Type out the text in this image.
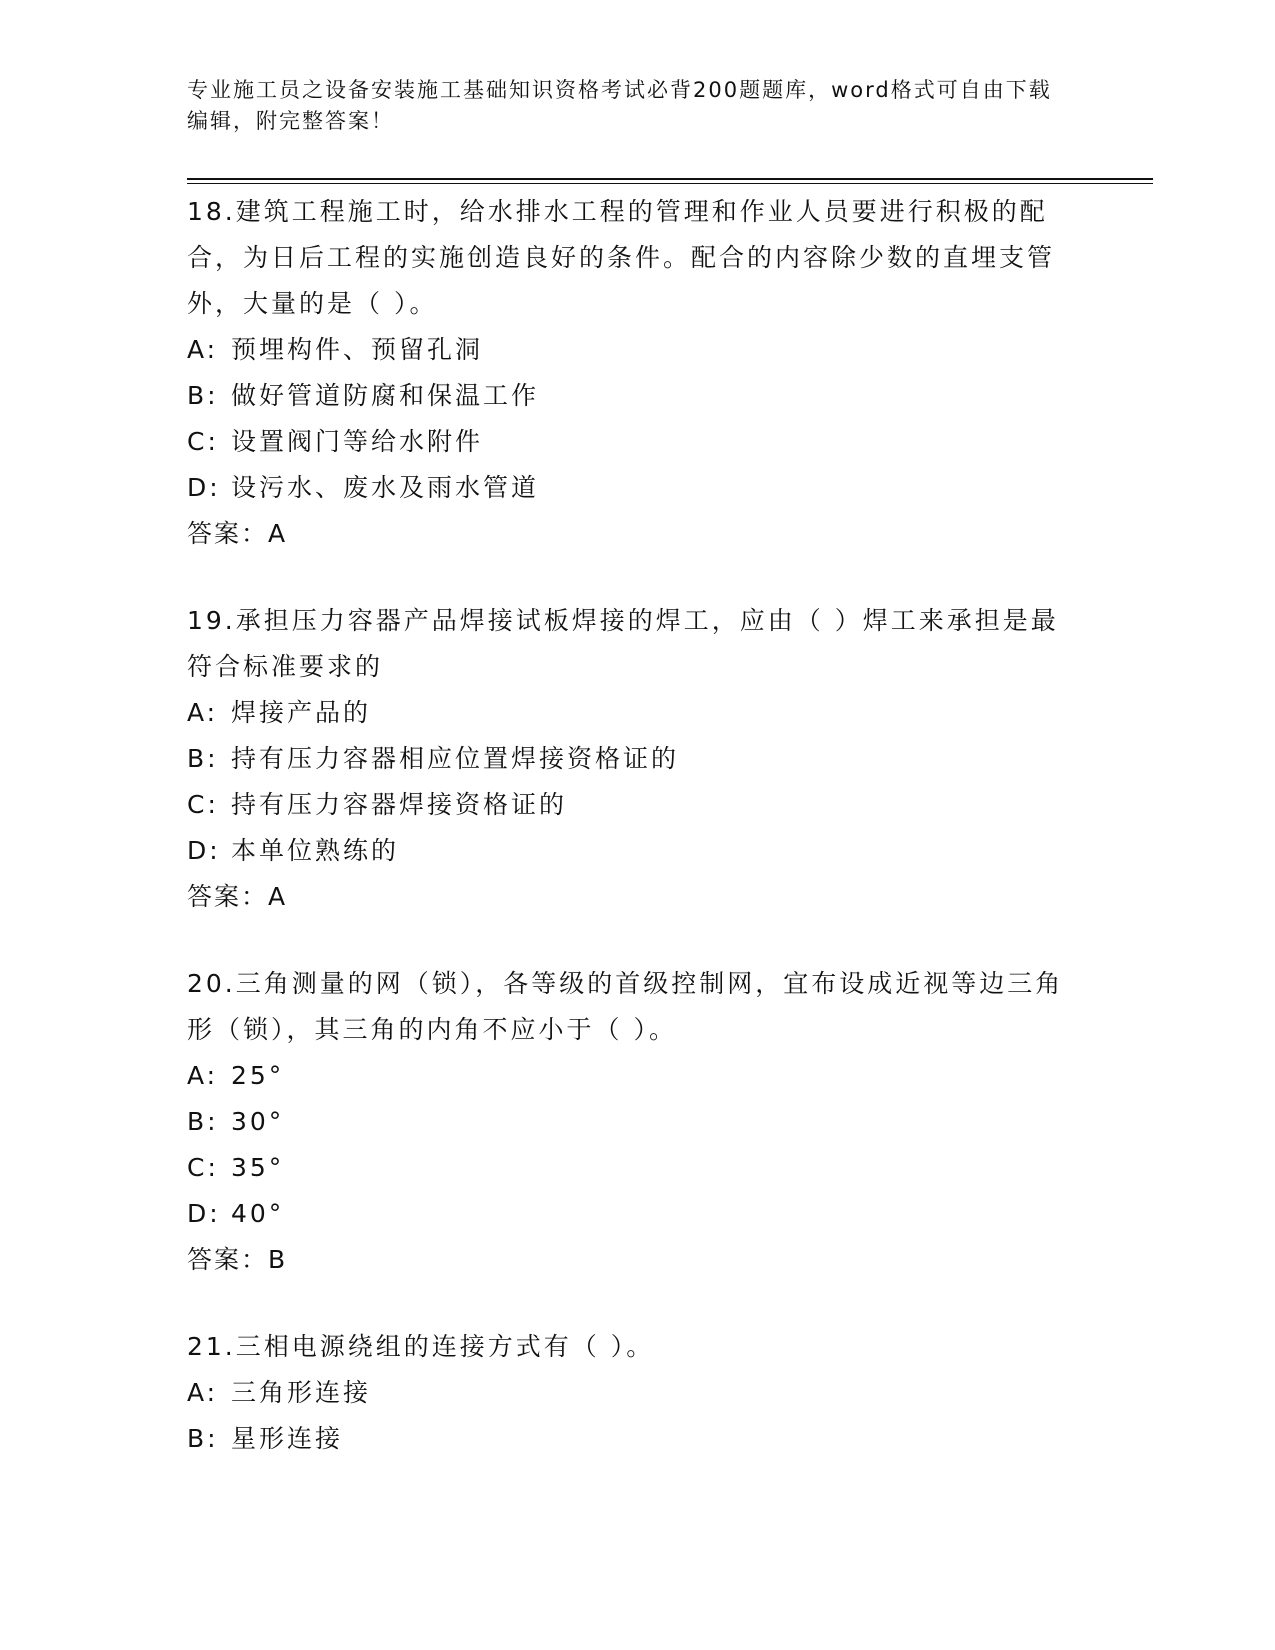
专业施工员之设备安装施工基础知识资格考试必背200题题库，word格式可自由下载编辑，附完整答案！
18.建筑工程施工时，给水排水工程的管理和作业人员要进行积极的配合，为日后工程的实施创造良好的条件。配合的内容除少数的直埋支管外，大量的是（ ）。
A: 预埋构件、预留孔洞
B: 做好管道防腐和保温工作
C: 设置阀门等给水附件
D: 设污水、废水及雨水管道
答案：A
19.承担压力容器产品焊接试板焊接的焊工，应由（ ）焊工来承担是最符合标准要求的
A: 焊接产品的
B: 持有压力容器相应位置焊接资格证的
C: 持有压力容器焊接资格证的
D: 本单位熟练的
答案：A
20.三角测量的网（锁），各等级的首级控制网，宜布设成近视等边三角形（锁），其三角的内角不应小于（ ）。
A: 25°
B: 30°
C: 35°
D: 40°
答案：B
21.三相电源绕组的连接方式有（ ）。
A: 三角形连接
B: 星形连接
